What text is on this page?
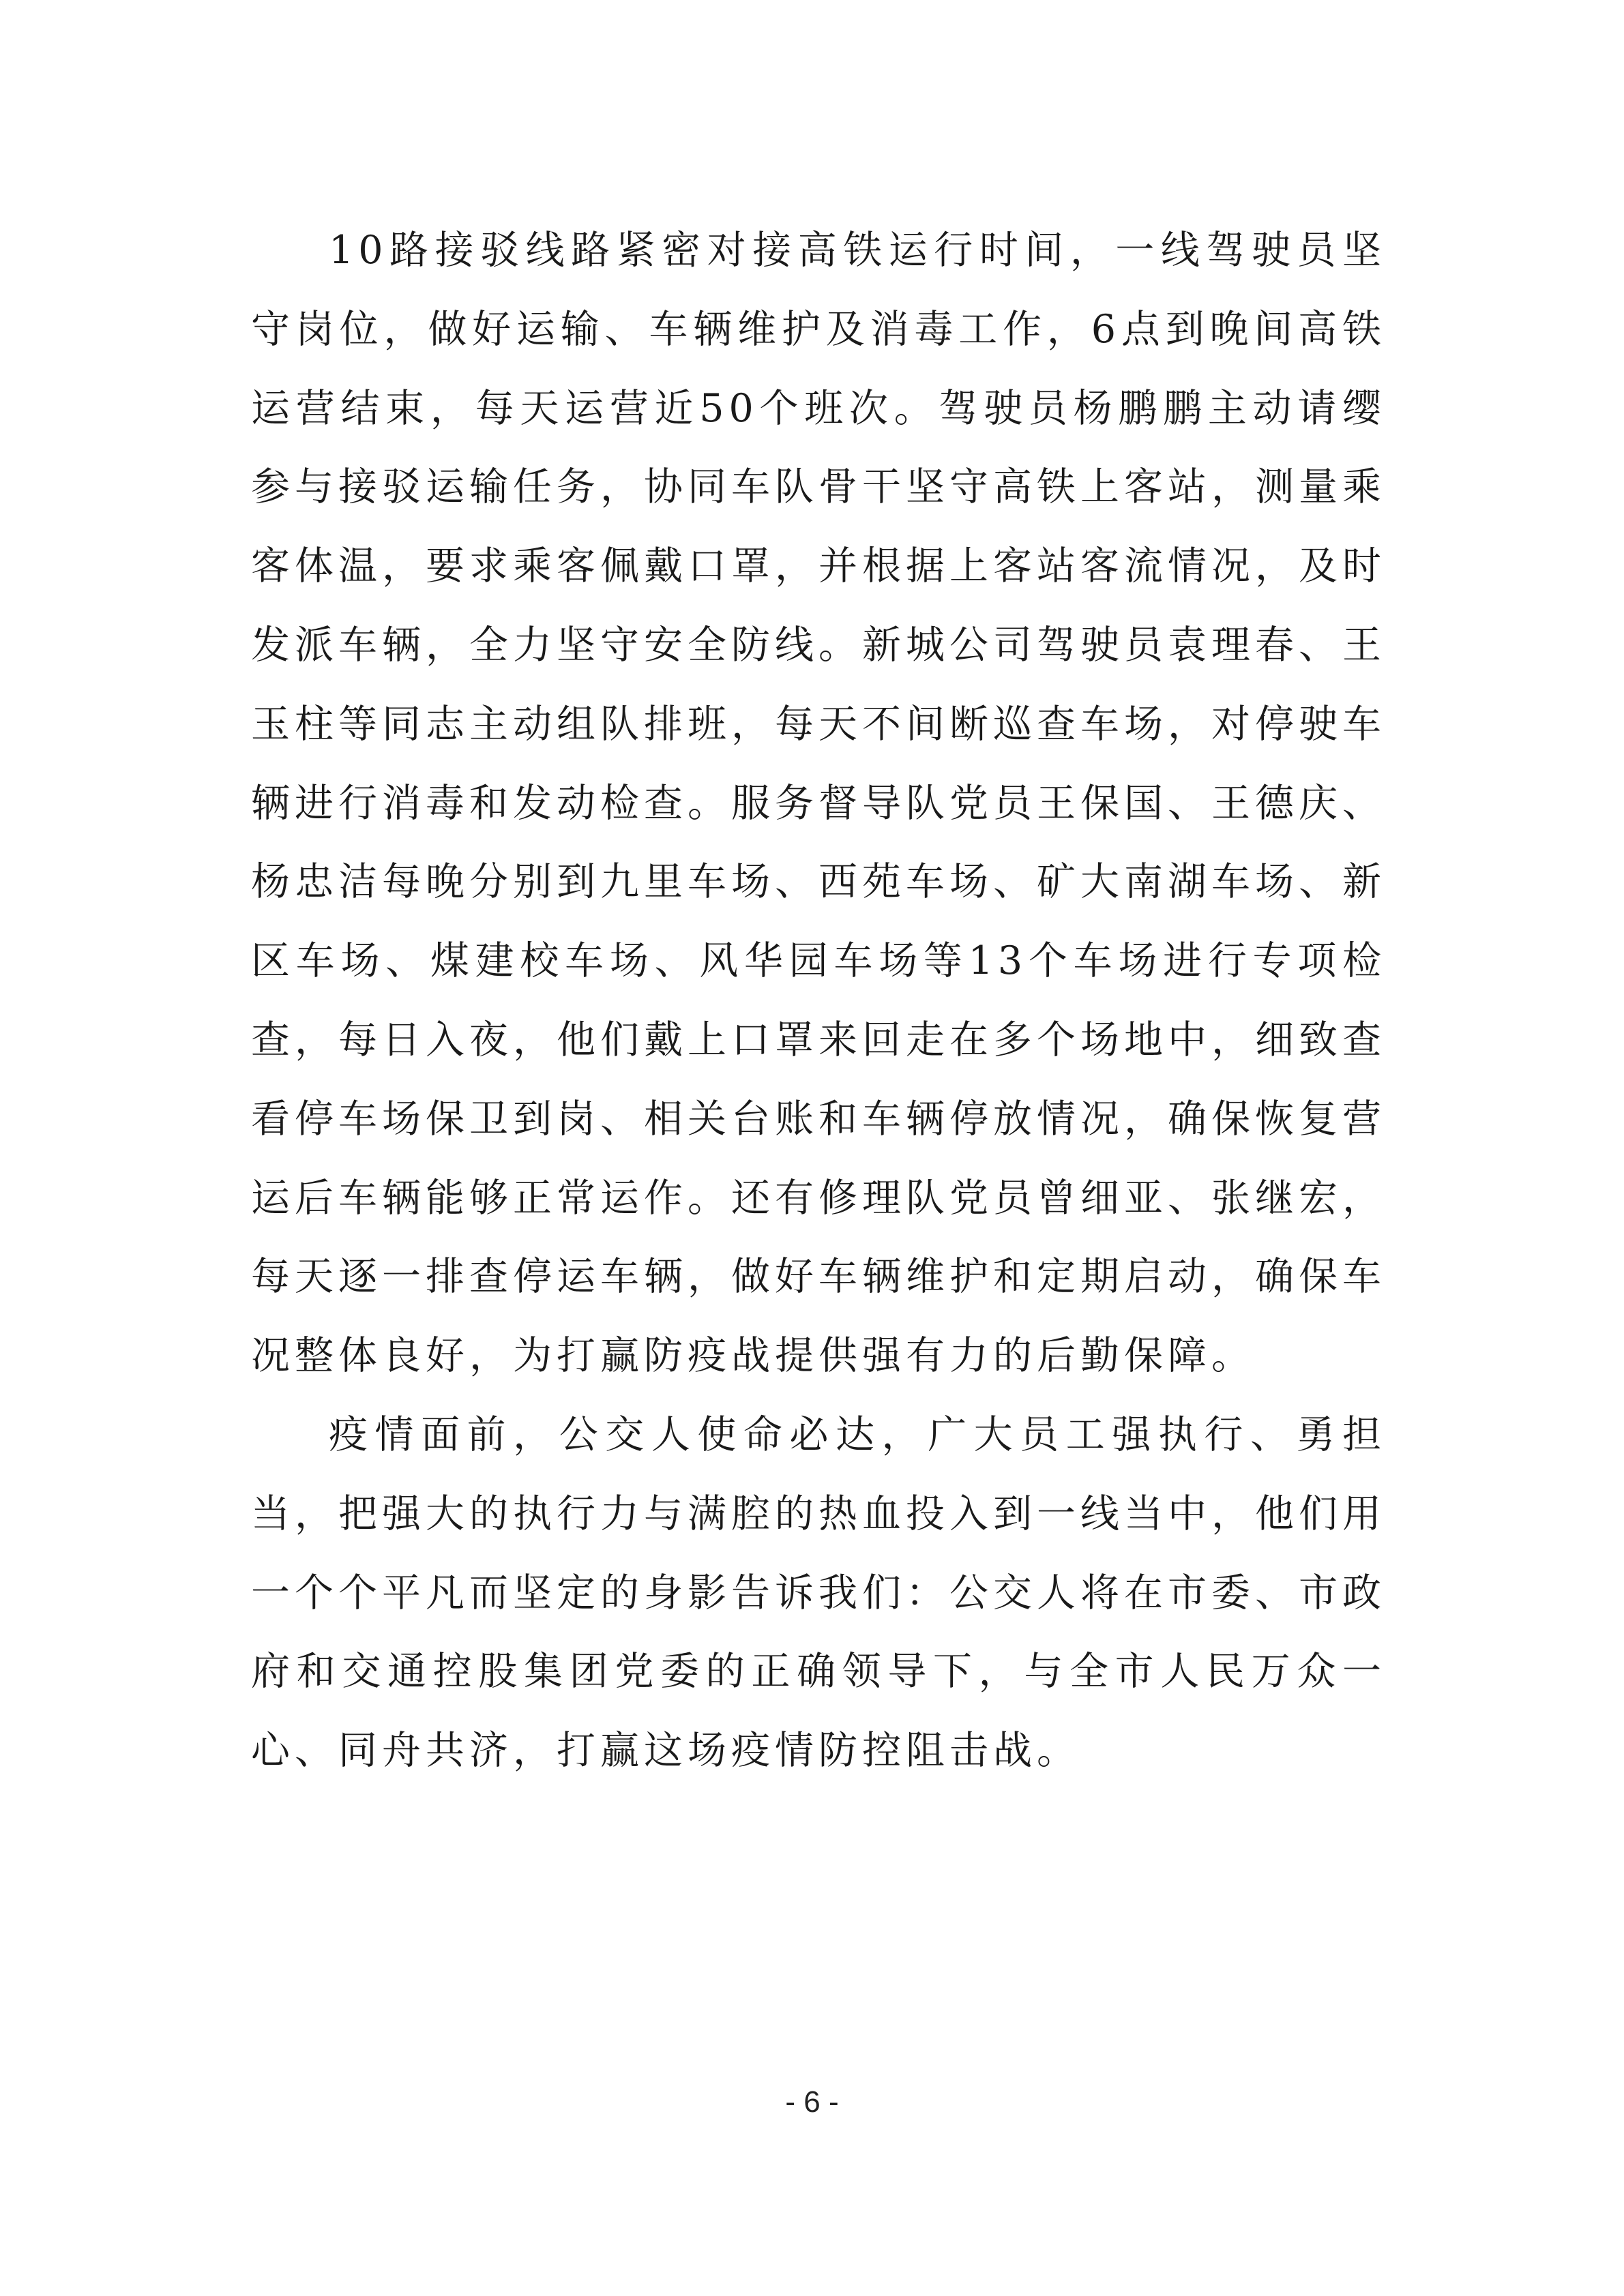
10路接驳线路紧密对接高铁运行时间，一线驾驶员坚守岗位，做好运输、车辆维护及消毒工作，6点到晚间高铁运营结束，每天运营近50个班次。驾驶员杨鹏鹏主动请缨参与接驳运输任务，协同车队骨干坚守高铁上客站，测量乘客体温，要求乘客佩戴口罩，并根据上客站客流情况，及时发派车辆，全力坚守安全防线。新城公司驾驶员袁理春、王玉柱等同志主动组队排班，每天不间断巡查车场，对停驶车辆进行消毒和发动检查。服务督导队党员王保国、王德庆、杨忠洁每晚分别到九里车场、西苑车场、矿大南湖车场、新区车场、煤建校车场、风华园车场等13个车场进行专项检查，每日入夜，他们戴上口罩来回走在多个场地中，细致查看停车场保卫到岗、相关台账和车辆停放情况，确保恢复营运后车辆能够正常运作。还有修理队党员曾细亚、张继宏，每天逐一排查停运车辆，做好车辆维护和定期启动，确保车况整体良好，为打赢防疫战提供强有力的后勤保障。

疫情面前，公交人使命必达，广大员工强执行、勇担当，把强大的执行力与满腔的热血投入到一线当中，他们用一个个平凡而坚定的身影告诉我们：公交人将在市委、市政府和交通控股集团党委的正确领导下，与全市人民万众一心、同舟共济，打赢这场疫情防控阻击战。

- 6 -
